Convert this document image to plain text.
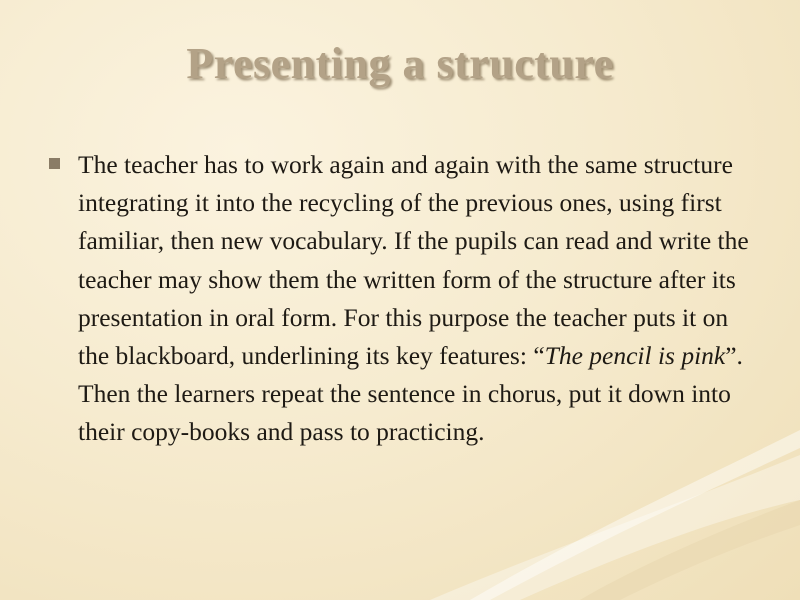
Presenting a structure
The teacher has to work again and again with the same structure integrating it into the recycling of the previous ones, using first familiar, then new vocabulary. If the pupils can read and write the teacher may show them the written form of the structure after its presentation in oral form. For this purpose the teacher puts it on the blackboard, underlining its key features: “The pencil is pink”. Then the learners repeat the sentence in chorus, put it down into their copy-books and pass to practicing.
